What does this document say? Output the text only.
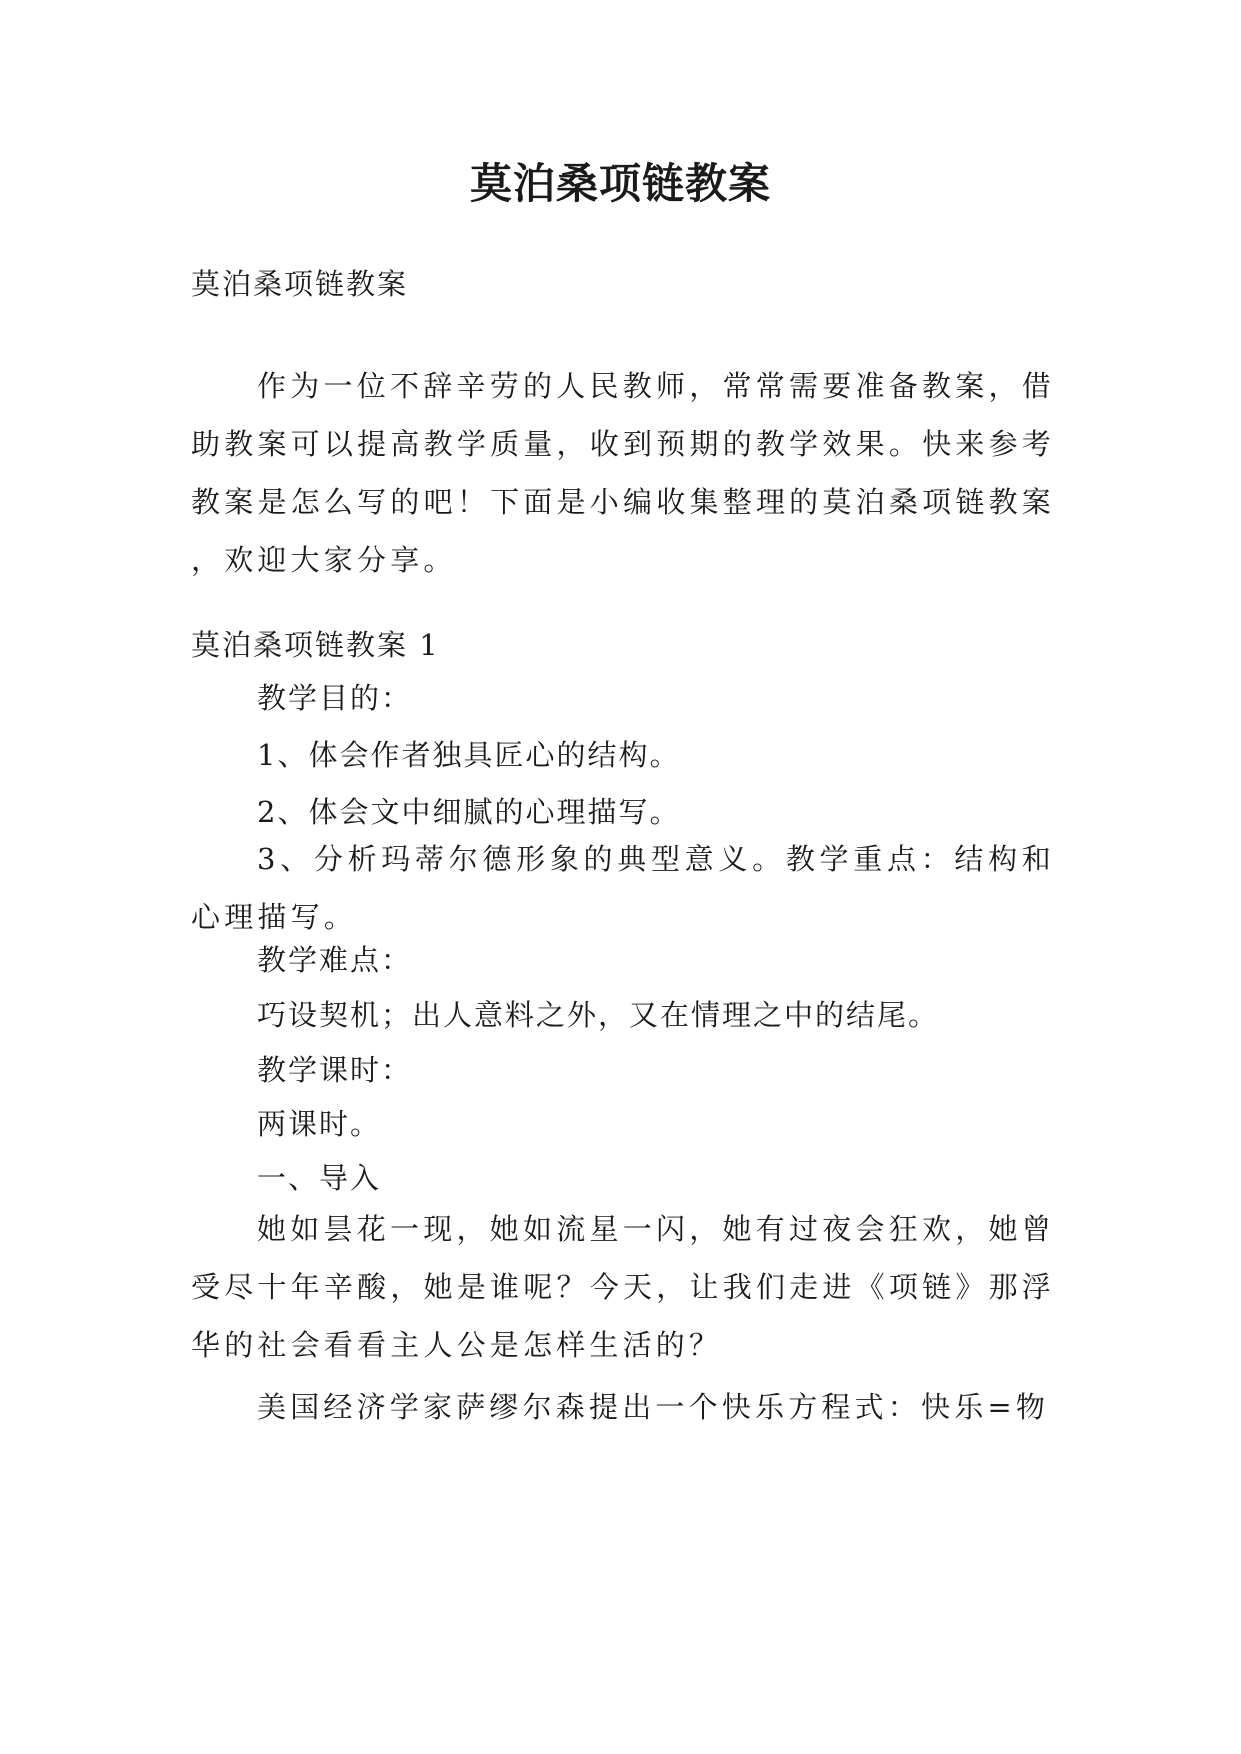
莫泊桑项链教案
莫泊桑项链教案
作为一位不辞辛劳的人民教师，常常需要准备教案，借助教案可以提高教学质量，收到预期的教学效果。快来参考教案是怎么写的吧！下面是小编收集整理的莫泊桑项链教案 ，欢迎大家分享。
莫泊桑项链教案 1
教学目的：
1、体会作者独具匠心的结构。
2、体会文中细腻的心理描写。
3、分析玛蒂尔德形象的典型意义。教学重点：结构和心理描写。
教学难点：
巧设契机；出人意料之外，又在情理之中的结尾。
教学课时：
两课时。
一、导入
她如昙花一现，她如流星一闪，她有过夜会狂欢，她曾受尽十年辛酸，她是谁呢？今天，让我们走进《项链》那浮华的社会看看主人公是怎样生活的？
美国经济学家萨缪尔森提出一个快乐方程式：快乐=物
